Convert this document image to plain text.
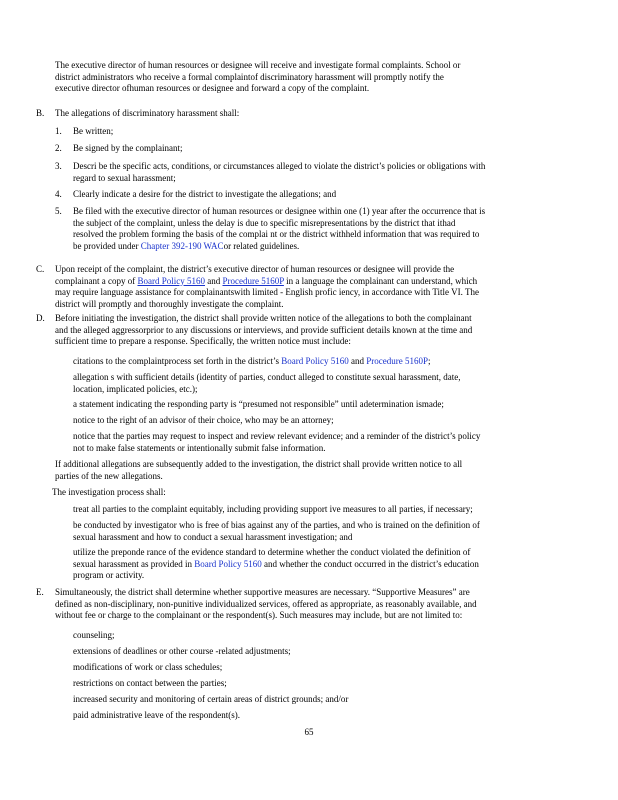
The executive director of human resources or designee will receive and investigate formal complaints. School or
district administrators who receive a formal complaintof discriminatory harassment will promptly notify the
executive director ofhuman resources or designee and forward a copy of the complaint.
B. The allegations of discriminatory harassment shall:
1. Be written;
2. Be signed by the complainant;
3. Descri be the specific acts, conditions, or circumstances alleged to violate the district’s policies or obligations with
regard to sexual harassment;
4. Clearly indicate a desire for the district to investigate the allegations; and
5. Be filed with the executive director of human resources or designee within one (1) year after the occurrence that is
the subject of the complaint, unless the delay is due to specific misrepresentations by the district that ithad
resolved the problem forming the basis of the complai nt or the district withheld information that was required to
be provided under Chapter 392-190 WACor related guidelines.
C. Upon receipt of the complaint, the district’s executive director of human resources or designee will provide the
complainant a copy of Board Policy 5160 and Procedure 5160P in a language the complainant can understand, which
may require language assistance for complainantswith limited - English profic iency, in accordance with Title VI. The
district will promptly and thoroughly investigate the complaint.
D. Before initiating the investigation, the district shall provide written notice of the allegations to both the complainant
and the alleged aggressorprior to any discussions or interviews, and provide sufficient details known at the time and
sufficient time to prepare a response. Specifically, the written notice must include:
citations to the complaintprocess set forth in the district’s Board Policy 5160 and Procedure 5160P;
allegation s with sufficient details (identity of parties, conduct alleged to constitute sexual harassment, date,
location, implicated policies, etc.);
a statement indicating the responding party is “presumed not responsible” until adetermination ismade;
notice to the right of an advisor of their choice, who may be an attorney;
notice that the parties may request to inspect and review relevant evidence; and a reminder of the district’s policy
not to make false statements or intentionally submit false information.
If additional allegations are subsequently added to the investigation, the district shall provide written notice to all
parties of the new allegations.
The investigation process shall:
treat all parties to the complaint equitably, including providing support ive measures to all parties, if necessary;
be conducted by investigator who is free of bias against any of the parties, and who is trained on the definition of
sexual harassment and how to conduct a sexual harassment investigation; and
utilize the preponde rance of the evidence standard to determine whether the conduct violated the definition of
sexual harassment as provided in Board Policy 5160 and whether the conduct occurred in the district’s education
program or activity.
E. Simultaneously, the district shall determine whether supportive measures are necessary. “Supportive Measures” are
defined as non-disciplinary, non-punitive individualized services, offered as appropriate, as reasonably available, and
without fee or charge to the complainant or the respondent(s). Such measures may include, but are not limited to:
counseling;
extensions of deadlines or other course -related adjustments;
modifications of work or class schedules;
restrictions on contact between the parties;
increased security and monitoring of certain areas of district grounds; and/or
paid administrative leave of the respondent(s).
65
